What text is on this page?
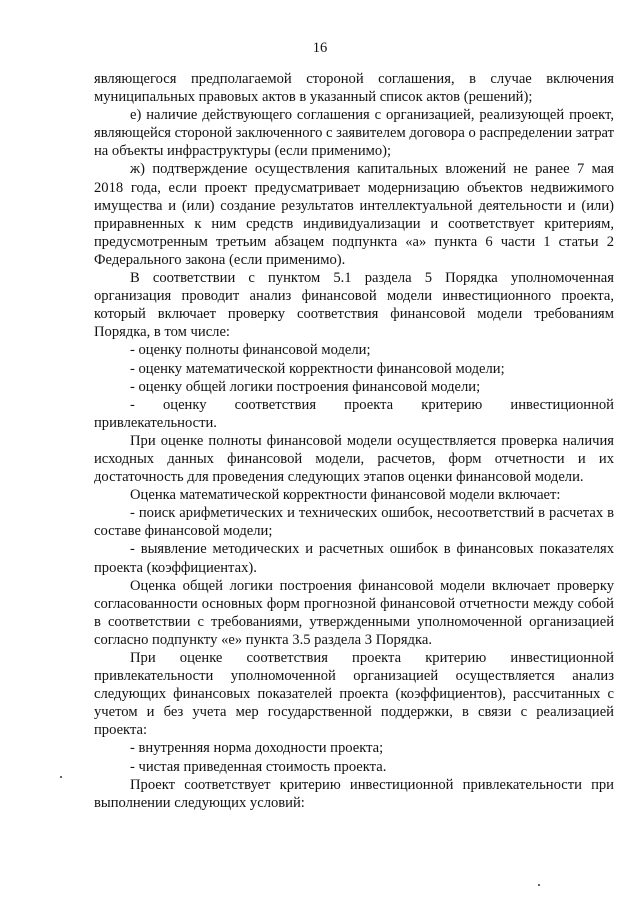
16

являющегося предполагаемой стороной соглашения, в случае включения муниципальных правовых актов в указанный список актов (решений);

е) наличие действующего соглашения с организацией, реализующей проект, являющейся стороной заключенного с заявителем договора о распределении затрат на объекты инфраструктуры (если применимо);

ж) подтверждение осуществления капитальных вложений не ранее 7 мая 2018 года, если проект предусматривает модернизацию объектов недвижимого имущества и (или) создание результатов интеллектуальной деятельности и (или) приравненных к ним средств индивидуализации и соответствует критериям, предусмотренным третьим абзацем подпункта «а» пункта 6 части 1 статьи 2 Федерального закона (если применимо).

В соответствии с пунктом 5.1 раздела 5 Порядка уполномоченная организация проводит анализ финансовой модели инвестиционного проекта, который включает проверку соответствия финансовой модели требованиям Порядка, в том числе:

- оценку полноты финансовой модели;

- оценку математической корректности финансовой модели;

- оценку общей логики построения финансовой модели;

- оценку соответствия проекта критерию инвестиционной привлекательности.

При оценке полноты финансовой модели осуществляется проверка наличия исходных данных финансовой модели, расчетов, форм отчетности и их достаточность для проведения следующих этапов оценки финансовой модели.

Оценка математической корректности финансовой модели включает:

- поиск арифметических и технических ошибок, несоответствий в расчетах в составе финансовой модели;

- выявление методических и расчетных ошибок в финансовых показателях проекта (коэффициентах).

Оценка общей логики построения финансовой модели включает проверку согласованности основных форм прогнозной финансовой отчетности между собой в соответствии с требованиями, утвержденными уполномоченной организацией согласно подпункту «е» пункта 3.5 раздела 3 Порядка.

При оценке соответствия проекта критерию инвестиционной привлекательности уполномоченной организацией осуществляется анализ следующих финансовых показателей проекта (коэффициентов), рассчитанных с учетом и без учета мер государственной поддержки, в связи с реализацией проекта:

- внутренняя норма доходности проекта;

- чистая приведенная стоимость проекта.

Проект соответствует критерию инвестиционной привлекательности при выполнении следующих условий:
